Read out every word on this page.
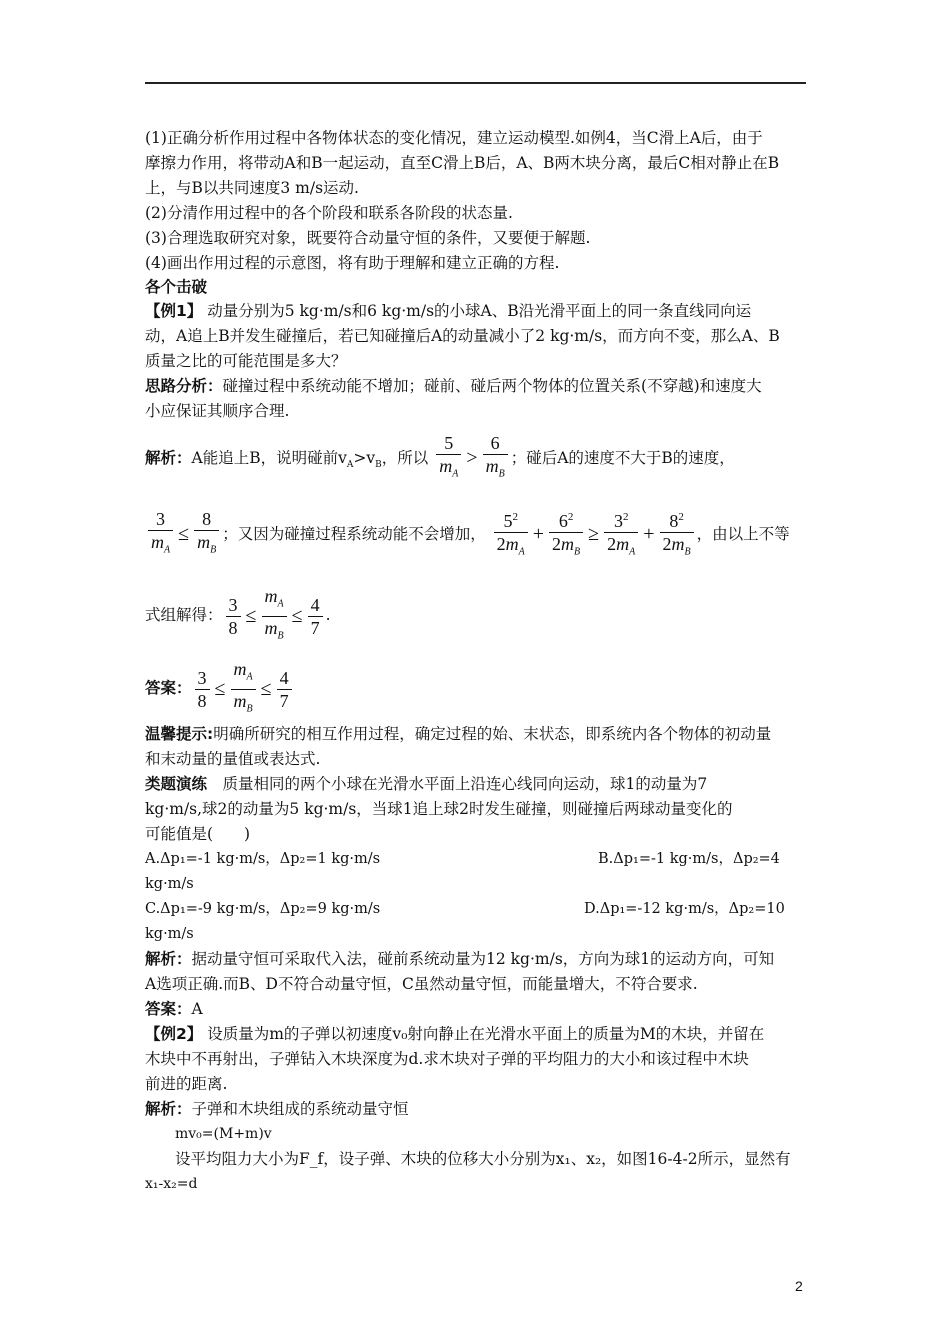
(1)正确分析作用过程中各物体状态的变化情况，建立运动模型.如例4，当C滑上A后，由于
摩擦力作用，将带动A和B一起运动，直至C滑上B后，A、B两木块分离，最后C相对静止在B
上，与B以共同速度3 m/s运动.
(2)分清作用过程中的各个阶段和联系各阶段的状态量.
(3)合理选取研究对象，既要符合动量守恒的条件，又要便于解题.
(4)画出作用过程的示意图，将有助于理解和建立正确的方程.
各个击破
【例1】 动量分别为5 kg·m/s和6 kg·m/s的小球A、B沿光滑平面上的同一条直线同向运
动，A追上B并发生碰撞后，若已知碰撞后A的动量减小了2 kg·m/s，而方向不变，那么A、B
质量之比的可能范围是多大？
思路分析：碰撞过程中系统动能不增加；碰前、碰后两个物体的位置关系(不穿越)和速度大
小应保证其顺序合理.
解析：A能追上B，说明碰前$v_A>v_B$，所以 $\frac{5}{m_A} > \frac{6}{m_B}$ ；碰后A的速度不大于B的速度，
$\frac{3}{m_A} \le \frac{8}{m_B}$ ；又因为碰撞过程系统动能不会增加， $\frac{5^2}{2m_A} + \frac{6^2}{2m_B} \ge \frac{3^2}{2m_A} + \frac{8^2}{2m_B}$ ，由以上不等
式组解得： $\frac{3}{8} \le \frac{m_A}{m_B} \le \frac{4}{7}$ .
答案： $\frac{3}{8} \le \frac{m_A}{m_B} \le \frac{4}{7}$
温馨提示:明确所研究的相互作用过程，确定过程的始、末状态，即系统内各个物体的初动量
和末动量的量值或表达式.
类题演练　 质量相同的两个小球在光滑水平面上沿连心线同向运动，球1的动量为7
kg·m/s,球2的动量为5 kg·m/s，当球1追上球2时发生碰撞，则碰撞后两球动量变化的
可能值是(　　)
A.Δp₁=-1 kg·m/s，Δp₂=1 kg·m/s	B.Δp₁=-1 kg·m/s，Δp₂=4
kg·m/s
C.Δp₁=-9 kg·m/s，Δp₂=9 kg·m/s	D.Δp₁=-12 kg·m/s，Δp₂=10
kg·m/s
解析：据动量守恒可采取代入法，碰前系统动量为12 kg·m/s，方向为球1的运动方向，可知
A选项正确.而B、D不符合动量守恒，C虽然动量守恒，而能量增大，不符合要求.
答案：A
【例2】 设质量为m的子弹以初速度v₀射向静止在光滑水平面上的质量为M的木块，并留在
木块中不再射出，子弹钻入木块深度为d.求木块对子弹的平均阻力的大小和该过程中木块
前进的距离.
解析：子弹和木块组成的系统动量守恒
mv₀=(M+m)v
设平均阻力大小为F_f，设子弹、木块的位移大小分别为x₁、x₂，如图16-4-2所示，显然有
x₁-x₂=d
2
